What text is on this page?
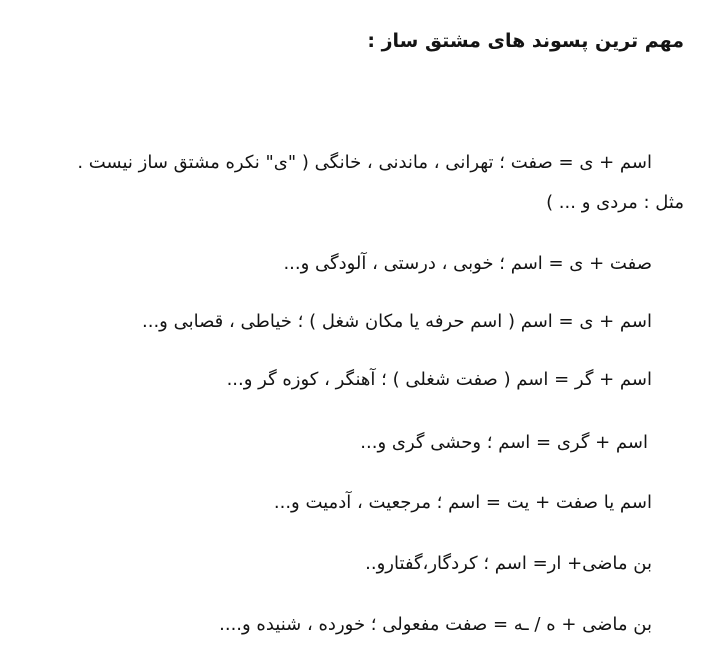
مهم ترین پسوند های مشتق ساز :
اسم + ی = صفت ؛ تهرانی ، ماندنی ، خانگی ( "ی" نکره مشتق ساز نیست .
مثل : مردی و ... )
صفت + ی = اسم ؛ خوبی ، درستی ، آلودگی و...
اسم + ی = اسم ( اسم حرفه یا مکان شغل ) ؛ خیاطی ، قصابی و...
اسم + گر = اسم ( صفت شغلی ) ؛ آهنگر ، کوزه گر و...
اسم + گری = اسم ؛ وحشی گری و...
اسم یا صفت + یت = اسم ؛ مرجعیت ، آدمیت و...
بن ماضی+ ار= اسم ؛ کردگار،گفتارو..
بن ماضی + ه / ـه = صفت مفعولی ؛ خورده ، شنیده و....
